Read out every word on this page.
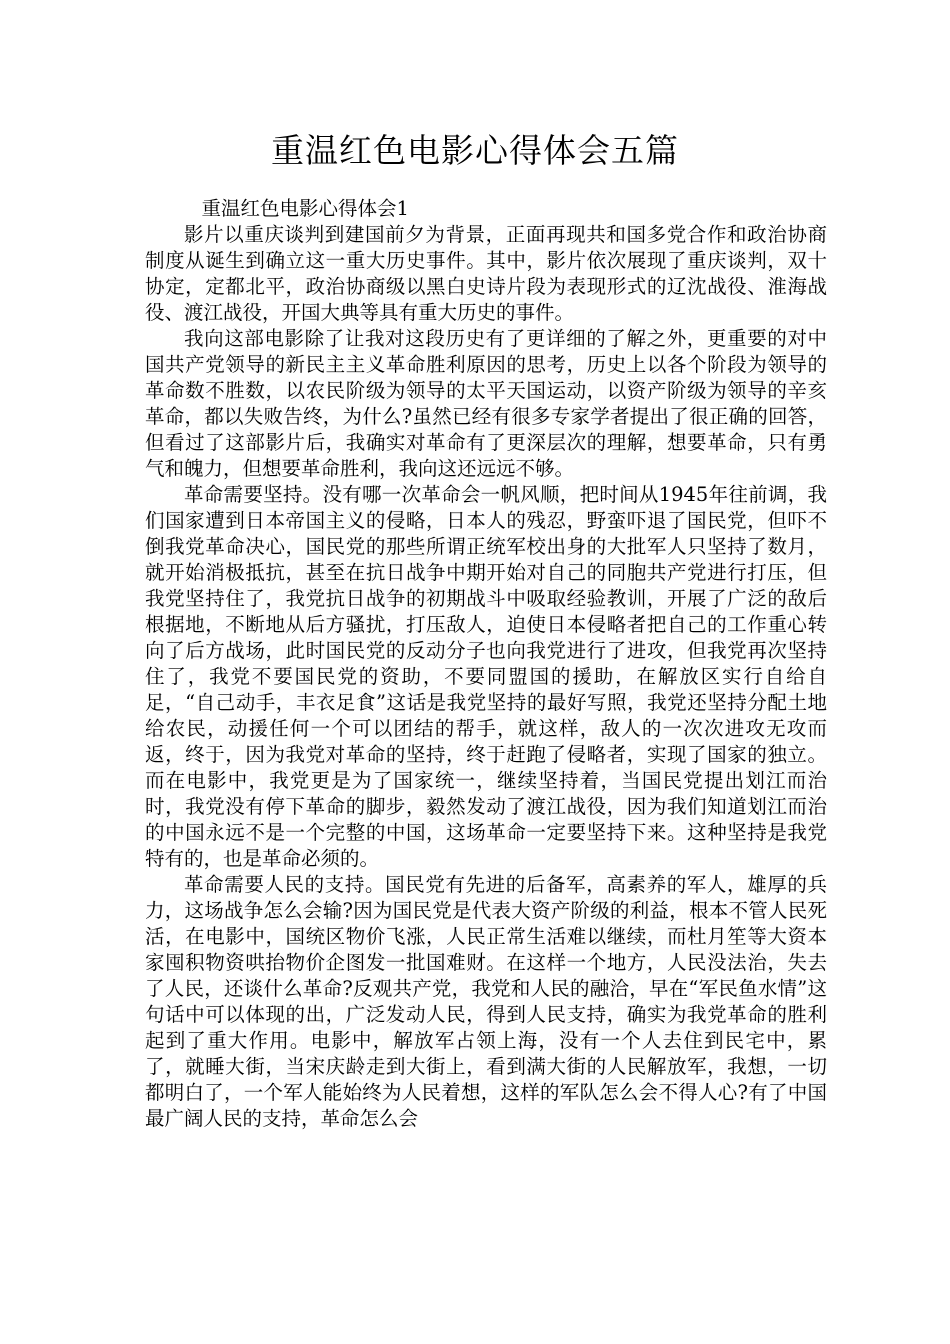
重温红色电影心得体会五篇

重温红色电影心得体会1

影片以重庆谈判到建国前夕为背景，正面再现共和国多党合作和政治协商制度从诞生到确立这一重大历史事件。其中，影片依次展现了重庆谈判，双十协定，定都北平，政治协商级以黑白史诗片段为表现形式的辽沈战役、淮海战役、渡江战役，开国大典等具有重大历史的事件。

我向这部电影除了让我对这段历史有了更详细的了解之外，更重要的对中国共产党领导的新民主主义革命胜利原因的思考，历史上以各个阶段为领导的革命数不胜数，以农民阶级为领导的太平天国运动，以资产阶级为领导的辛亥革命，都以失败告终，为什么?虽然已经有很多专家学者提出了很正确的回答，但看过了这部影片后，我确实对革命有了更深层次的理解，想要革命，只有勇气和魄力，但想要革命胜利，我向这还远远不够。

革命需要坚持。没有哪一次革命会一帆风顺，把时间从1945年往前调，我们国家遭到日本帝国主义的侵略，日本人的残忍，野蛮吓退了国民党，但吓不倒我党革命决心，国民党的那些所谓正统军校出身的大批军人只坚持了数月，就开始消极抵抗，甚至在抗日战争中期开始对自己的同胞共产党进行打压，但我党坚持住了，我党抗日战争的初期战斗中吸取经验教训，开展了广泛的敌后根据地，不断地从后方骚扰，打压敌人，迫使日本侵略者把自己的工作重心转向了后方战场，此时国民党的反动分子也向我党进行了进攻，但我党再次坚持住了，我党不要国民党的资助，不要同盟国的援助，在解放区实行自给自足，“自己动手，丰衣足食”这话是我党坚持的最好写照，我党还坚持分配土地给农民，动援任何一个可以团结的帮手，就这样，敌人的一次次进攻无攻而返，终于，因为我党对革命的坚持，终于赶跑了侵略者，实现了国家的独立。而在电影中，我党更是为了国家统一，继续坚持着，当国民党提出划江而治时，我党没有停下革命的脚步，毅然发动了渡江战役，因为我们知道划江而治的中国永远不是一个完整的中国，这场革命一定要坚持下来。这种坚持是我党特有的，也是革命必须的。

革命需要人民的支持。国民党有先进的后备军，高素养的军人，雄厚的兵力，这场战争怎么会输?因为国民党是代表大资产阶级的利益，根本不管人民死活，在电影中，国统区物价飞涨，人民正常生活难以继续，而杜月笙等大资本家囤积物资哄抬物价企图发一批国难财。在这样一个地方，人民没法治，失去了人民，还谈什么革命?反观共产党，我党和人民的融洽，早在“军民鱼水情”这句话中可以体现的出，广泛发动人民，得到人民支持，确实为我党革命的胜利起到了重大作用。电影中，解放军占领上海，没有一个人去住到民宅中，累了，就睡大街，当宋庆龄走到大街上，看到满大街的人民解放军，我想，一切都明白了，一个军人能始终为人民着想，这样的军队怎么会不得人心?有了中国最广阔人民的支持，革命怎么会
